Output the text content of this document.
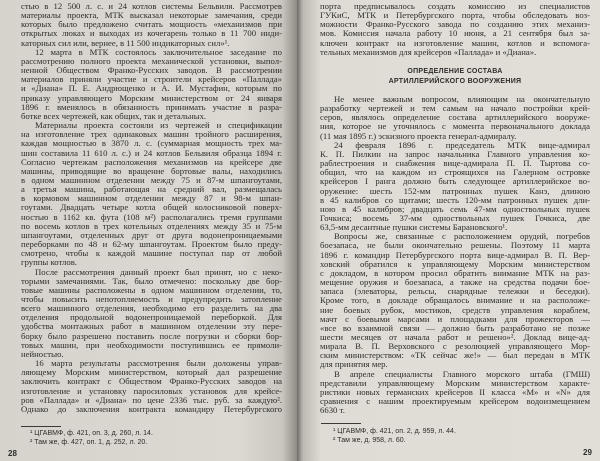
стью в 12 500 л. с. и 24 котлов системы Бельвиля. Рассмотрев
материалы проекта, МТК высказал некоторые замечания, среди
которых было предложено считать мощность «механизмов при
открытых люках и выходах из кочегарень только в 11 700 инди-
каторных сил или, вернее, в 11 500 индикаторных сил»¹.
12 марта в МТК состоялось заключительное заседание по
рассмотрению полного проекта механической установки, выпол-
ненной Обществом Франко-Русских заводов. В рассмотрении
материалов приняли участие и строители крейсеров «Паллада»
и «Диана» П. Е. Андрющенко и А. И. Мустафин, которым по
приказу управляющего Морским министерством от 24 января
1896 г. вменялось в обязанность принимать участие в разра-
ботке всех чертежей, как общих, так и детальных.
Материалы проекта состояли из чертежей и спецификации
на изготовление трех одинаковых машин тройного расширения,
каждая мощностью в 3870 л. с. (суммарная мощность трех ма-
шин составила 11 610 л. с.) и 24 котлов Бельвиля образца 1894 г.
Согласно чертежам расположения механизмов на крейсере две
машины, приводящие во вращение бортовые валы, находились
в одном машинном отделении между 75 и 87-м шпангоутами,
а третья машина, работающая на средний вал, размещалась
в кормовом машинном отделении между 87 и 98-м шпан-
гоутами. Двадцать четыре котла общей колосниковой поверх-
ностью в 1162 кв. фута (108 м²) располагались тремя группами
по восемь котлов в трех котельных отделениях между 35 и 75-м
шпангоутами, отделенных друг от друга водонепроницаемыми
переборками по 48 и 62-му шпангоутам. Проектом было преду-
смотрено, чтобы к каждой машине поступал пар от любой
группы котлов.
После рассмотрения данный проект был принят, но с неко-
торыми замечаниями. Так, было отмечено: поскольку две бор-
товые машины расположены в одном машинном отделении, то,
чтобы повысить непотопляемость и предупредить затопление
всего машинного отделения, необходимо его разделить на два
отделения продольной водонепроницаемой переборкой. Для
удобства монтажных работ в машинном отделении эту пере-
борку было разрешено поставить после погрузки и сборки бор-
товых машин, при необходимости поступившись ее прямоли-
нейностью.
16 марта результаты рассмотрения были доложены управ-
ляющему Морским министерством, который дал разрешение
заключить контракт с Обществом Франко-Русских заводов на
изготовление и установку паросиловых установок для крейсе-
ров «Паллада» и «Диана» по цене 2336 тыс. руб. за каждую².
Однако до заключения контракта командиру Петербургского
¹ ЦГАВМФ, ф. 421, оп. 3, д. 260, л. 14.
² Там же, ф. 427, оп. 1, д. 252, л. 20.
28
порта предписывалось создать комиссию из специалистов
ГУКиС, МТК и Петербургского порта, чтобы обследовать воз-
можности Франко-Русского завода по созданию этих механиз-
мов. Комиссия начала работу 10 июня, а 21 сентября был за-
ключен контракт на изготовление машин, котлов и вспомога-
тельных механизмов для крейсеров «Паллада» и «Диана».
ОПРЕДЕЛЕНИЕ СОСТАВА
АРТИЛЛЕРИЙСКОГО ВООРУЖЕНИЯ
Не менее важным вопросом, влияющим на окончательную
разработку чертежей и тем самым на начало постройки крей-
серов, являлось определение состава артиллерийского вооруже-
ния, которое не уточнялось с момента первоначального доклада
(11 мая 1895 г.) эскизного проекта генерал-адмиралу.
24 февраля 1896 г. председатель МТК вице-адмирал
К. П. Пилкин на запрос начальника Главного управления ко-
раблестроения и снабжения вице-адмирала П. П. Тыртова со-
общил, что на каждом из строящихся на Галерном островке
крейсеров I ранга должно быть следующее артиллерийское во-
оружение: шесть 152-мм патронных пушек Канэ, длиною
в 45 калибров со щитами; шесть 120-мм патронных пушек дли-
ною в 45 калибров; двадцать семь 47-мм одноствольных пушек
Гочкиса; восемь 37-мм одноствольных пушек Гочкиса, две
63,5-мм десантные пушки системы Барановского¹.
Вопросы же, связанные с расположением орудий, погребов
боезапаса, не были окончательно решены. Поэтому 11 марта
1896 г. командир Петербургского порта вице-адмирал В. П. Вер-
ховский обратился к управляющему Морским министерством
с докладом, в котором просил обратить внимание МТК на раз-
мещение оружия и боезапаса, а также на средства подачи бое-
запаса (элеваторы, рельсы, снарядные тележки и беседки).
Кроме того, в докладе обращалось внимание и на расположе-
ние боевых рубок, мостиков, средств управления кораблем,
мачт с боевыми марсами и площадками для прожекторов —
«все во взаимной связи — должно быть разработано не позже
шести месяцев от начала работ и решено»². Доклад вице-ад-
мирала В. П. Верховского с резолюцией управляющего Мор-
ским министерством: «ТК сейчас же!» — был передан в МТК
для принятия мер.
В апреле специалисты Главного морского штаба (ГМШ)
представили управляющему Морским министерством характе-
ристики новых германских крейсеров II класса «М» и «N» для
сравнения с нашим проектируемым крейсером водоизмещением
6630 т.
¹ ЦГАВМФ, ф. 421, оп. 2, д. 959, л. 44.
² Там же, д. 958, л. 60.
29
